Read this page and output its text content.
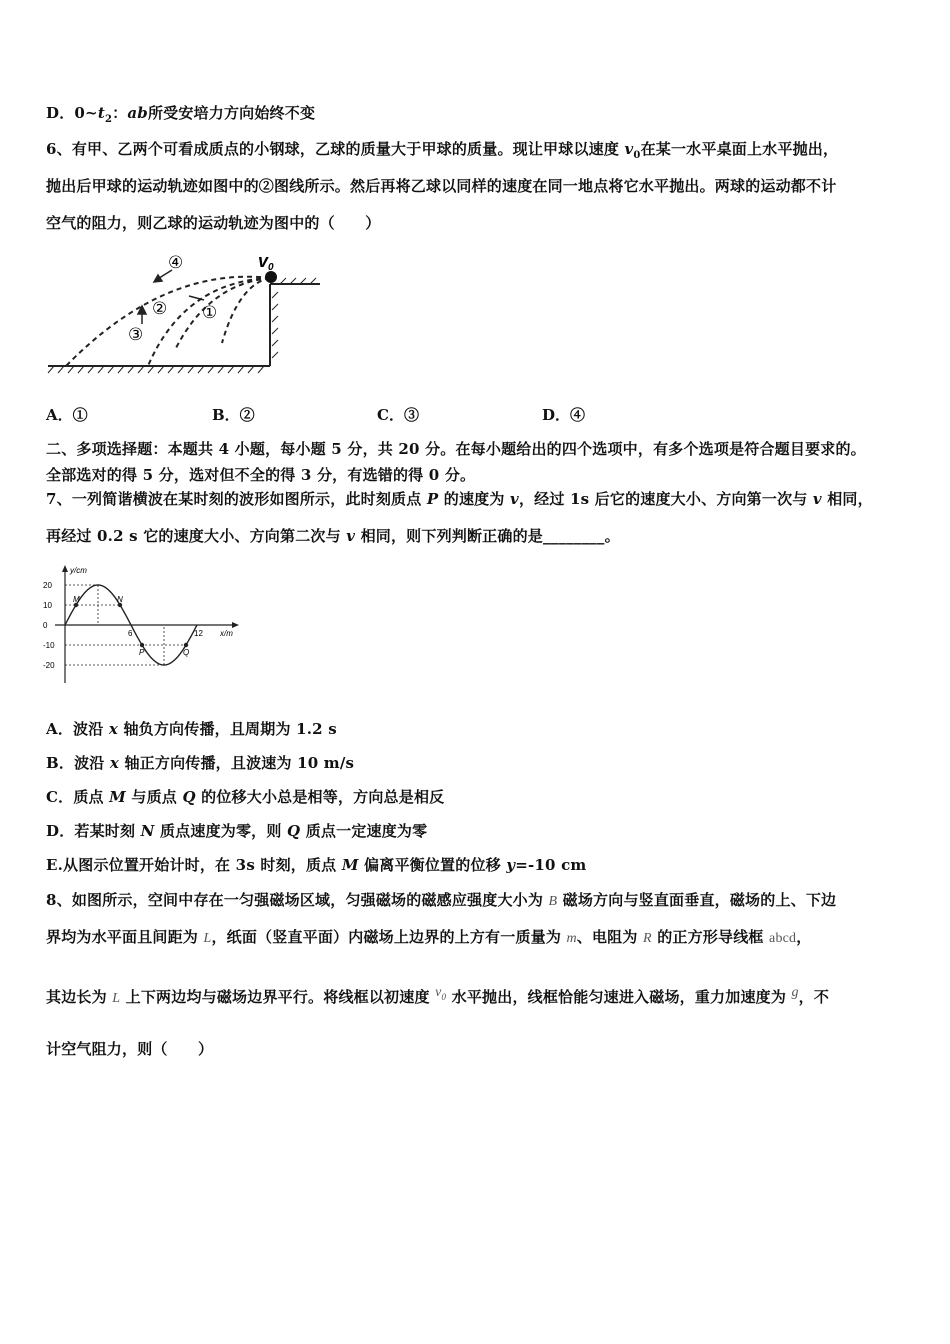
D．$0\sim t_2$：ab所受安培力方向始终不变
6、有甲、乙两个可看成质点的小钢球，乙球的质量大于甲球的质量。现让甲球以速度 $v_0$在某一水平桌面上水平抛出，
抛出后甲球的运动轨迹如图中的②图线所示。然后再将乙球以同样的速度在同一地点将它水平抛出。两球的运动都不计
空气的阻力，则乙球的运动轨迹为图中的（　　）
v0
④
② ①
③
A．①	B．②	C．③	D．④
二、多项选择题：本题共 4 小题，每小题 5 分，共 20 分。在每小题给出的四个选项中，有多个选项是符合题目要求的。
全部选对的得 5 分，选对但不全的得 3 分，有选错的得 0 分。
7、一列简谐横波在某时刻的波形如图所示，此时刻质点 P 的速度为 v，经过 1s 后它的速度大小、方向第一次与 v 相同，
再经过 0.2 s 它的速度大小、方向第二次与 v 相同，则下列判断正确的是________。
y/cm
x/m
20
10
0
-10
-20
6	12
M	N
P	Q
A．波沿 x 轴负方向传播，且周期为 1.2 s
B．波沿 x 轴正方向传播，且波速为 10 m/s
C．质点 M 与质点 Q 的位移大小总是相等，方向总是相反
D．若某时刻 N 质点速度为零，则 Q 质点一定速度为零
E.从图示位置开始计时，在 3s 时刻，质点 M 偏离平衡位置的位移 y=-10 cm
8、如图所示，空间中存在一匀强磁场区域，匀强磁场的磁感应强度大小为 B 磁场方向与竖直面垂直，磁场的上、下边
界均为水平面且间距为 L，纸面（竖直平面）内磁场上边界的上方有一质量为 m、电阻为 R 的正方形导线框 abcd，
其边长为 L 上下两边均与磁场边界平行。将线框以初速度 $v_0$ 水平抛出，线框恰能匀速进入磁场，重力加速度为 g，不
计空气阻力，则（　　）
